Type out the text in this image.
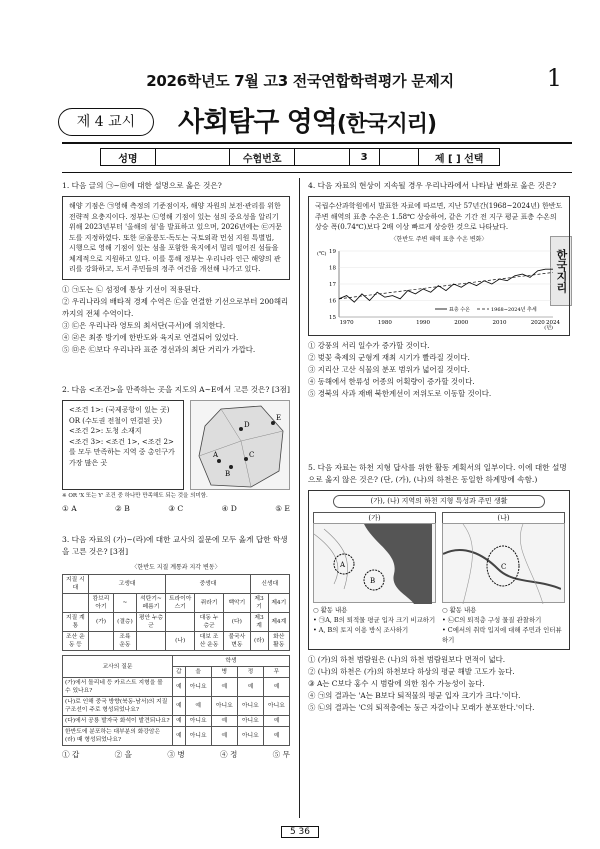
2026학년도 7월 고3 전국연합학력평가 문제지	1
제 4 교시	사회탐구 영역(한국지리)
성명	수험번호	3	제 [ ] 선택
한국지리
1. 다음 글의 ㉠~㉤에 대한 설명으로 옳은 것은?
해양 기점은 ㉠영해 측정의 기준점이자, 해양 자원의 보전·관리를 위한 전략적 요충지이다. 정부는 ㉡영해 기점이 있는 섬의 중요성을 알리기 위해 2023년부터 '올해의 섬'을 발표하고 있으며, 2026년에는 ㉢거문도를 지정하였다. 또한 ㉣울릉도·독도는 국토외곽 먼섬 지원 특별법, 시행으로 영해 기점이 있는 섬을 포함한 육지에서 멀리 떨어진 섬들을 체계적으로 지원하고 있다. 이를 통해 정부는 우리나라 인근 해양의 관리를 강화하고, 도서 주민들의 정주 여건을 개선해 나가고 있다.
① ㉠도는 ㉡ 섬정에 통상 기선이 적용된다.
② 우리나라의 배타적 경제 수역은 ㉢을 연결한 기선으로부터 200해리까지의 전체 수역이다.
③ ㉢은 우리나라 영토의 최서단(극서)에 위치한다.
④ ㉣은 최종 방기에 한반도와 육지로 연결되어 있었다.
⑤ ㉤은 ㉢보다 우리나라 표준 경선과의 최단 거리가 가깝다.
2. 다음 <조건>을 만족하는 곳을 지도의 A~E에서 고른 것은? [3점]
<조건 1>: (국제공항이 있는 곳)
OR (수도권 전철이 연결된 곳)
<조건 2>: 도청 소재지
<조건 3>: <조건 1>, <조건 2>를 모두 만족하는 지역 중 총인구가 가장 많은 곳
A
B
C
D
E
※ OR 'X 또는 Y' 조건 중 하나만 만족해도 되는 것을 의미함.
① A	② B	③ C	④ D	⑤ E
3. 다음 자료의 (가)~(라)에 대한 교사의 질문에 모두 옳게 답한 학생을 고른 것은? [3점]
〈한반도 지질 계통과 지각 변동〉
지질 시대	고생대			중생대			신생대	
	캄브리아기	~	석탄기~페름기	트라이아스기	쥐라기	백악기	제3기	제4기
지질 계통	(가)	(결층)	평안 누층군		대동 누층군	(다)	제3계	제4계
조산 운동 등		조륙 운동		(나)	대보 조산 운동	불국사 변동	(라)	화산 활동
교사의 질문	학생				
	갑	을	병	정	무
(가)에서 돌리네 등 카르스트 지형을 볼 수 있나요?	예	아니요	예	예	예
(나)로 인해 중국 방향(북동-남서)의 지질 구조선이 주로 형성되었나요?	예	예	아니요	아니요	아니요
(다)에서 공룡 발자국 화석이 발견되나요?	예	아니요	예	아니요	예
한반도에 분포하는 대부분의 화강암은 (라) 때 형성되었나요?	예	아니요	예	아니요	예
① 갑	② 을	③ 병	④ 정	⑤ 무
4. 다음 자료의 현상이 지속될 경우 우리나라에서 나타날 변화로 옳은 것은?
국립수산과학원에서 발표한 자료에 따르면, 지난 57년간(1968~2024년) 한반도 주변 해역의 표층 수온은 1.58℃ 상승하여, 같은 기간 전 지구 평균 표층 수온의 상승 폭(0.74℃)보다 2배 이상 빠르게 상승한 것으로 나타났다.
〈한반도 주변 해역 표층 수온 변화〉
15
16
17
18
19
1970	1980	1990	2000	2010	2020 2024
(℃)
(년)
표층 수온	1968~2024년 추세
① 강풍의 서리 일수가 증가할 것이다.
② 벚꽃 축제의 군형게 재최 시기가 빨라질 것이다.
③ 지리산 고산 식물의 분포 범위가 넓어질 것이다.
④ 동해에서 한류성 어종의 어획량이 증가할 것이다.
⑤ 경북의 사과 재배 북한계선이 저위도로 이동할 것이다.
5. 다음 자료는 하천 지형 답사를 위한 활동 계획서의 일부이다. 이에 대한 설명으로 옳지 않은 것은? (단, (가), (나)의 하천은 동일한 하계망에 속함.)
(가), (나) 지역의 하천 지형 특성과 주민 생활
(가)
A
B
○ 활동 내용
• ㉠A, B의 퇴적물 평균 입자 크기 비교하기
• A, B의 토지 이용 방식 조사하기
(나)
C
○ 활동 내용
• ㉡C의 퇴적층 구성 물질 관찰하기
• C에서의 취락 입지에 대해 주민과 인터뷰하기
① (가)의 하천 범람원은 (나)의 하천 범람원보다 면적이 넓다.
② (나)의 하천은 (가)의 하천보다 하상의 평균 해발 고도가 높다.
③ A는 C보다 홍수 시 범람에 의한 침수 가능성이 높다.
④ ㉠의 결과는 'A는 B보다 퇴적물의 평균 입자 크기가 크다.'이다.
⑤ ㉡의 결과는 'C의 퇴적층에는 둥근 자갈이나 모래가 분포한다.'이다.
5 36
